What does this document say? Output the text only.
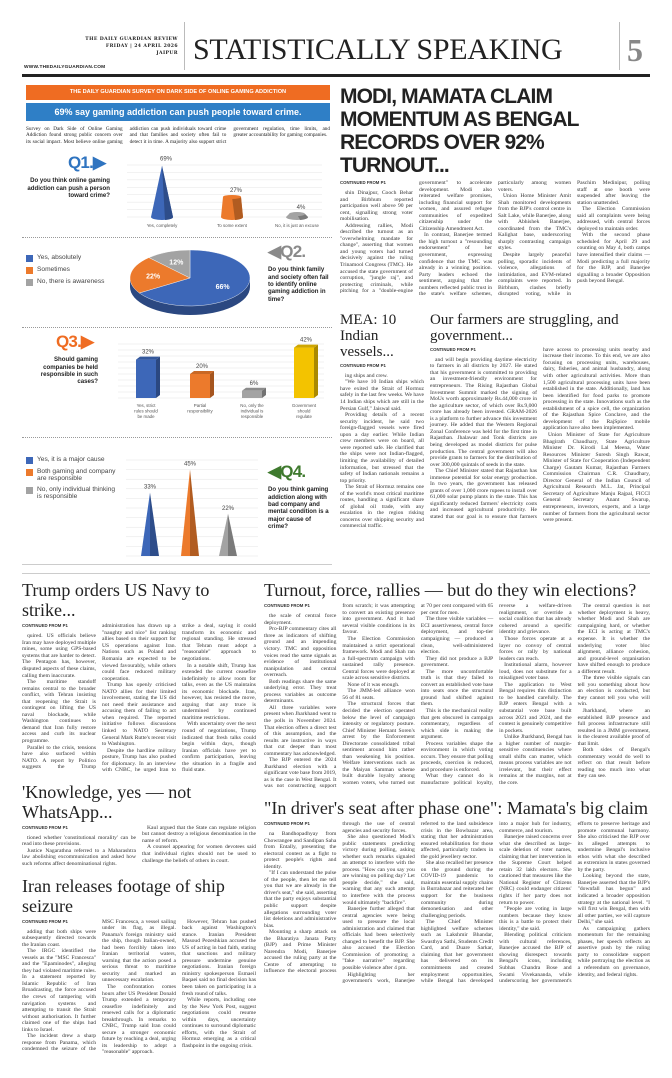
THE DAILY GUARDIAN REVIEW
FRIDAY | 24 APRIL 2026
JAIPUR
WWW.THEDAILYGUARDIAN.COM
STATISTICALLY SPEAKING	5
THE DAILY GUARDIAN SURVEY ON DARK SIDE OF ONLINE GAMING ADDICTION
69% say gaming addiction can push people toward crime.
Survey on Dark Side of Online Gaming Addiction found strong public concern over its social impact. Most believe online gaming addiction can push individuals toward crime and that families and society often fail to detect it in time. A majority also support strict government regulation, time limits, and greater accountability for gaming companies.
Q1.▶
Do you think online gaming addiction can push a person toward crime?
69%
Yes, completely
27%
To some extent
4%
No, it is just an excuse
Yes, absolutely
Sometimes
No, there is awareness
66%
22%
12%
◀Q2.
Do you think family and society often fail to identify online gaming addiction in time?
Q3.▶
Should gaming companies be held responsible in such cases?
32%
Yes, strict
rules should
be made
20%
Partial
responsibility
6%
No, only the
individual is
responsible
42%
Government
should
regulate
Yes, it is a major cause
Both gaming and company are responsible
No, only individual thinking is responsible
33%
45%
22%
◀Q4.
Do you think gaming addiction along with bad company and mental condition is a major cause of crime?
MODI, MAMATA CLAIM MOMENTUM AS BENGAL RECORDS OVER 92% TURNOUT...

CONTINUED FROM P1

shin Dinajpur, Cooch Behar and Birbhum reported participation well above 90 per cent, signalling strong voter mobilisation.

Addressing rallies, Modi described the turnout as an "overwhelming mandate for change", asserting that women and young voters had turned decisively against the ruling Trinamool Congress (TMC). He accused the state government of corruption, "jungle raj", and protecting criminals, while pitching for a "double-engine government" to accelerate development. Modi also reiterated welfare promises, including financial support for women, and assured refugee communities of expedited citizenship under the Citizenship Amendment Act.

In contrast, Banerjee termed the high turnout a "resounding endorsement" of her government, expressing confidence that the TMC was already in a winning position. Party leaders echoed the sentiment, arguing that the numbers reflected public trust in the state's welfare schemes, particularly among women voters.

Union Home Minister Amit Shah monitored developments from the BJP's control centre in Salt Lake, while Banerjee, along with Abhishek Banerjee, coordinated from the TMC's Kalighat base, underscoring sharply contrasting campaign styles.

Despite largely peaceful polling, sporadic incidents of violence, allegations of intimidation, and EVM-related complaints were reported. In Birbhum, clashes briefly disrupted voting, while in Paschim Medinipur, polling staff at one booth were suspended after leaving the station unattended.

The Election Commission said all complaints were being addressed, with central forces deployed to maintain order.

With the second phase scheduled for April 29 and counting on May 4, both camps have intensified their claims — Modi predicting a full majority for the BJP, and Banerjee signalling a broader Opposition push beyond Bengal.

MEA: 10 Indian vessels...

CONTINUED FROM P1

ing ships and crew.

"We have 10 Indian ships which have exited the Strait of Hormuz safely in the last few weeks. We have 14 Indian ships which are still in the Persian Gulf," Jaiswal said.

Providing details of a recent security incident, he said two foreign-flagged vessels were fired upon a day earlier. While Indian crew members were on board, all were reported safe. He clarified that the ships were not Indian-flagged, limiting the availability of detailed information, but stressed that the safety of Indian nationals remains a top priority.

The Strait of Hormuz remains one of the world's most critical maritime routes, handling a significant share of global oil trade, with any escalation in the region risking concerns over shipping security and commercial traffic.

Our farmers are struggling, and government...

CONTINUED FROM P1

and will begin providing daytime electricity to farmers in all districts by 2027. He stated that his government is committed to providing an investment-friendly environment for entrepreneurs. The Rising Rajasthan Global Investment Summit marked the signing of MoUs worth approximately Rs.44,000 crore in the agriculture sector, of which over Rs.9,000 crore has already been invested. GRAM-2026 is a platform to further advance this investment journey. He added that the Western Regional Zonal Conference was held for the first time in Rajasthan. Jhalawar and Tonk districts are being developed as model districts for pulse production. The central government will also provide grants to farmers for the distribution of over 300,000 quintals of seeds in the state.

The Chief Minister stated that Rajasthan has immense potential for solar energy production. In two years, the government has released grants of over 1,000 crore rupees to install over 61,000 solar pump plants in the state. This has significantly reduced farmers' electricity costs and increased agricultural productivity. He stated that our goal is to ensure that farmers have access to processing units nearby and increase their income. To this end, we are also focusing on processing units, warehouses, dairy, fisheries, and animal husbandry, along with other agricultural activities. More than 1,500 agricultural processing units have been established in the state. Additionally, land has been identified for food parks to promote processing in the state. Innovations such as the establishment of a spice cell, the organization of the Rajasthan Spice Conclave, and the development of the RajSpice mobile application have also been implemented.

Union Minister of State for Agriculture Bhagirath Chaudhary, State Agriculture Minister Dr. Kirodi Lal Meena, Water Resources Minister Suresh Singh Rawat, Minister of State for Cooperation (Independent Charge) Gautam Kumar, Rajasthan Farmers Commission Chairman C.R. Chaudhary, Director General of the Indian Council of Agricultural Research M.L. Jat, Principal Secretary of Agriculture Manju Rajpal, FICCI General Secretary Anant Swarup, entrepreneurs, investors, experts, and a large number of farmers from the agricultural sector were present.

Trump orders US Navy to strike...

CONTINUED FROM P1

quired. US officials believe Iran may have deployed multiple mines, some using GPS-based systems that are harder to detect. The Pentagon has, however, disputed aspects of these claims, calling them inaccurate.

The maritime standoff remains central to the broader conflict, with Tehran insisting that reopening the Strait is contingent on lifting the US naval blockade, while Washington continues to demand that Iran fully restore access and curb its nuclear programme.

Parallel to the crisis, tensions have also surfaced within NATO. A report by Politico suggests the Trump administration has drawn up a "naughty and nice" list ranking allies based on their support for US operations against Iran. Nations such as Poland and Romania are expected to be viewed favourably, while others could face reduced military cooperation.

Trump has openly criticised NATO allies for their limited involvement, stating the US did not need their assistance and accusing them of failing to act when required. The reported initiative follows discussions linked to NATO Secretary General Mark Rutte's recent visit to Washington.

Despite the hardline military posture, Trump has also pushed for diplomacy. In an interview with CNBC, he urged Iran to strike a deal, saying it could transform its economic and regional standing. He stressed that Tehran must adopt a "reasonable" approach to negotiations.

In a notable shift, Trump has extended the current ceasefire indefinitely to allow room for talks, even as the US maintains its economic blockade. Iran, however, has resisted the move, arguing that any truce is undermined by continued maritime restrictions.

With uncertainty over the next round of negotiations, Trump indicated that fresh talks could begin within days, though Iranian officials have yet to confirm participation, leaving the situation in a fragile and fluid state.

'Knowledge, yes — not WhatsApp...

CONTINUED FROM P1

tioned whether 'constitutional morality' can be read into these provisions.

Justice Nagarathna referred to a Maharashtra law abolishing excommunication and asked how such reforms affect denominational rights.

Kaul argued that the State can regulate religion but cannot destroy a religious denomination in the name of reform.

A counsel appearing for women devotees said that individual rights should not be used to challenge the beliefs of others in court.

Iran releases footage of ship seizure

CONTINUED FROM P1

adding that both ships were subsequently directed towards the Iranian coast.

The IRGC identified the vessels as the "MSC Francesca" and the "Epaminodes", alleging they had violated maritime rules. In a statement reported by Islamic Republic of Iran Broadcasting, the force accused the crews of tampering with navigation systems and attempting to transit the Strait without authorisation. It further claimed one of the ships had links to Israel.

The incident drew a sharp response from Panama, which condemned the seizure of the MSC Francesca, a vessel sailing under its flag, as illegal. Panama's foreign ministry said the ship, though Italian-owned, had been forcibly taken into Iranian territorial waters, warning that the action posed a serious threat to maritime security and marked an unnecessary escalation.

The confrontation comes hours after US President Donald Trump extended a temporary ceasefire indefinitely and renewed calls for a diplomatic breakthrough. In remarks to CNBC, Trump said Iran could secure a stronger economic future by reaching a deal, urging its leadership to adopt a "reasonable" approach.

However, Tehran has pushed back against Washington's stance. Iranian President Masoud Pezeshkian accused the US of acting in bad faith, stating that sanctions and military pressure undermine genuine negotiations. Iranian foreign ministry spokesperson Esmaeil Baqaei said no final decision has been taken on participating in a fresh round of talks.

While reports, including one by the New York Post, suggest negotiations could resume within days, uncertainty continues to surround diplomatic efforts, with the Strait of Hormuz emerging as a critical flashpoint in the ongoing crisis.

Turnout, force, rallies — but do they win elections?

CONTINUED FROM P1

the scale of central force deployment.

Pro-BJP commentary cites all three as indicators of shifting ground and an impending victory. TMC and opposition voices read the same signals as evidence of institutional manipulation and central overreach.

Both readings share the same underlying error. They treat process variables as outcome determinants.

All three variables were present when Jharkhand went to the polls in November 2024. That election offers a direct test of this assumption, and the results are instructive in ways that cut deeper than most commentary has acknowledged.

The BJP entered the 2024 Jharkhand election with a significant vote base from 2019, as is the case in West Bengal. It was not constructing support from scratch; it was attempting to convert an existing presence into government. And it had several visible conditions in its favour.

The Election Commission maintained a strict operational framework. Modi and Shah ran a full-spectrum campaign with sustained rally presence. Central forces were deployed at scale across sensitive districts.

None of it was enough.

The JMM-led alliance won 56 of 81 seats.

The structural forces that decided the election operated below the level of campaign intensity or regulatory posture. Chief Minister Hemant Soren's arrest by the Enforcement Directorate consolidated tribal sentiment around him rather than weakening his position. Welfare interventions such as the Maiyan Samman scheme built durable loyalty among women voters, who turned out at 70 per cent compared with 65 per cent for men.

The three visible variables — ECI assertiveness, central force deployment, and top-tier campaigning — produced a clean, well-administered election.

They did not produce a BJP government.

The more uncomfortable truth is that they failed to convert an established vote base into seats once the structural ground had shifted against them.

This is the mechanical reality that gets obscured in campaign commentary, regardless of which side is making the argument.

Process variables shape the environment in which voting occurs. They ensure that polling proceeds, coercion is reduced, and procedure is enforced.

What they cannot do is manufacture political loyalty, reverse a welfare-driven realignment, or override a social coalition that has already cohered around a specific identity and grievance.

Those forces operate at a layer no convoy of central forces or rally by national leaders can reach.

Institutional alarm, however loud, does not substitute for a misaligned voter base.

The application to West Bengal requires this distinction to be handled carefully. The BJP enters Bengal with a substantial vote base built across 2021 and 2024, and the contest is genuinely competitive in pockets.

Unlike Jharkhand, Bengal has a higher number of margin-sensitive constituencies where small shifts can matter, which means process variables are not irrelevant, but their effect remains at the margins, not at the core.

The central question is not whether deployment is heavy, whether Modi and Shah are campaigning hard, or whether the ECI is acting at TMC's expense. It is whether the underlying voter bloc alignment, alliance cohesion, and ground-level organisation have shifted enough to produce a different result.

The three visible signals can tell you something about how an election is conducted, but they cannot tell you who will win.

Jharkhand, where an established BJP presence and full process infrastructure still resulted in a JMM government, is the clearest available proof of that limit.

Both sides of Bengal's commentary would do well to reflect on that result before reading too much into what they can see.

"In driver's seat after phase one": Mamata's big claim

CONTINUED FROM P1

na Bandhopadhyay from Chowrangee and Sandipan Saha from Entally, presenting the electoral contest as a fight to protect people's rights and identity.

"If I can understand the pulse of the people, then let me tell you that we are already in the driver's seat," she said, asserting that the party enjoys substantial public support despite allegations surrounding voter list deletions and administrative bias.

Mounting a sharp attack on the Bharatiya Janata Party (BJP) and Prime Minister Narendra Modi, Banerjee accused the ruling party at the Centre of attempting to influence the electoral process through the use of central agencies and security forces.

She also questioned Modi's public statements predicting victory during polling, asking whether such remarks signaled an attempt to interfere with the process. "How can you say you are winning on polling day? Let people decide," she said, warning that any such attempt to interfere with the process would ultimately "backfire".

Banerjee further alleged that central agencies were being used to pressure the local administration and claimed that officials had been selectively changed to benefit the BJP. She also accused the Election Commission of promoting a "fake narrative" regarding possible violence after 4 pm.

Highlighting her government's work, Banerjee referred to the land subsidence crisis in the Bowbazar area, stating that her administration ensured rehabilitation for those affected, particularly traders in the gold jewellery sector.

She also recalled her presence on the ground during the COVID-19 pandemic to maintain essential supply chains in Burrabazar and reiterated her support for the business community during demonetisation and other challenging periods.

The Chief Minister highlighted welfare schemes such as Lakshmir Bhandar, Swasthya Sathi, Students Credit Card, and Duare Sarkar, claiming that her government has delivered on its commitments and created employment opportunities, while Bengal has developed into a major hub for industry, commerce, and tourism.

Banerjee raised concerns over what she described as large-scale deletion of voter names, claiming that her intervention in the Supreme Court helped retain 32 lakh electors. She cautioned that measures like the National Register of Citizens (NRC) could endanger citizens' rights if her party does not return to power.

"People are voting in large numbers because they know this is a battle to protect their identity," she said.

Blending political criticism with cultural references, Banerjee accused the BJP of showing disrespect towards Bengal's icons, including Subhas Chandra Bose and Swami Vivekananda, while underscoring her government's efforts to preserve heritage and promote communal harmony. She also criticised the BJP over its alleged attempts to undermine Bengal's inclusive ethos with what she described as extremism in states governed by the party.

Looking beyond the state, Banerjee asserted that the BJP's "downfall has begun" and indicated a broader opposition strategy at the national level. "I will first win Bengal, then with all other parties, we will capture Delhi," she said.

As campaigning gathers momentum for the remaining phases, her speech reflects an assertive push by the ruling party to consolidate support while portraying the election as a referendum on governance, identity, and federal rights.
